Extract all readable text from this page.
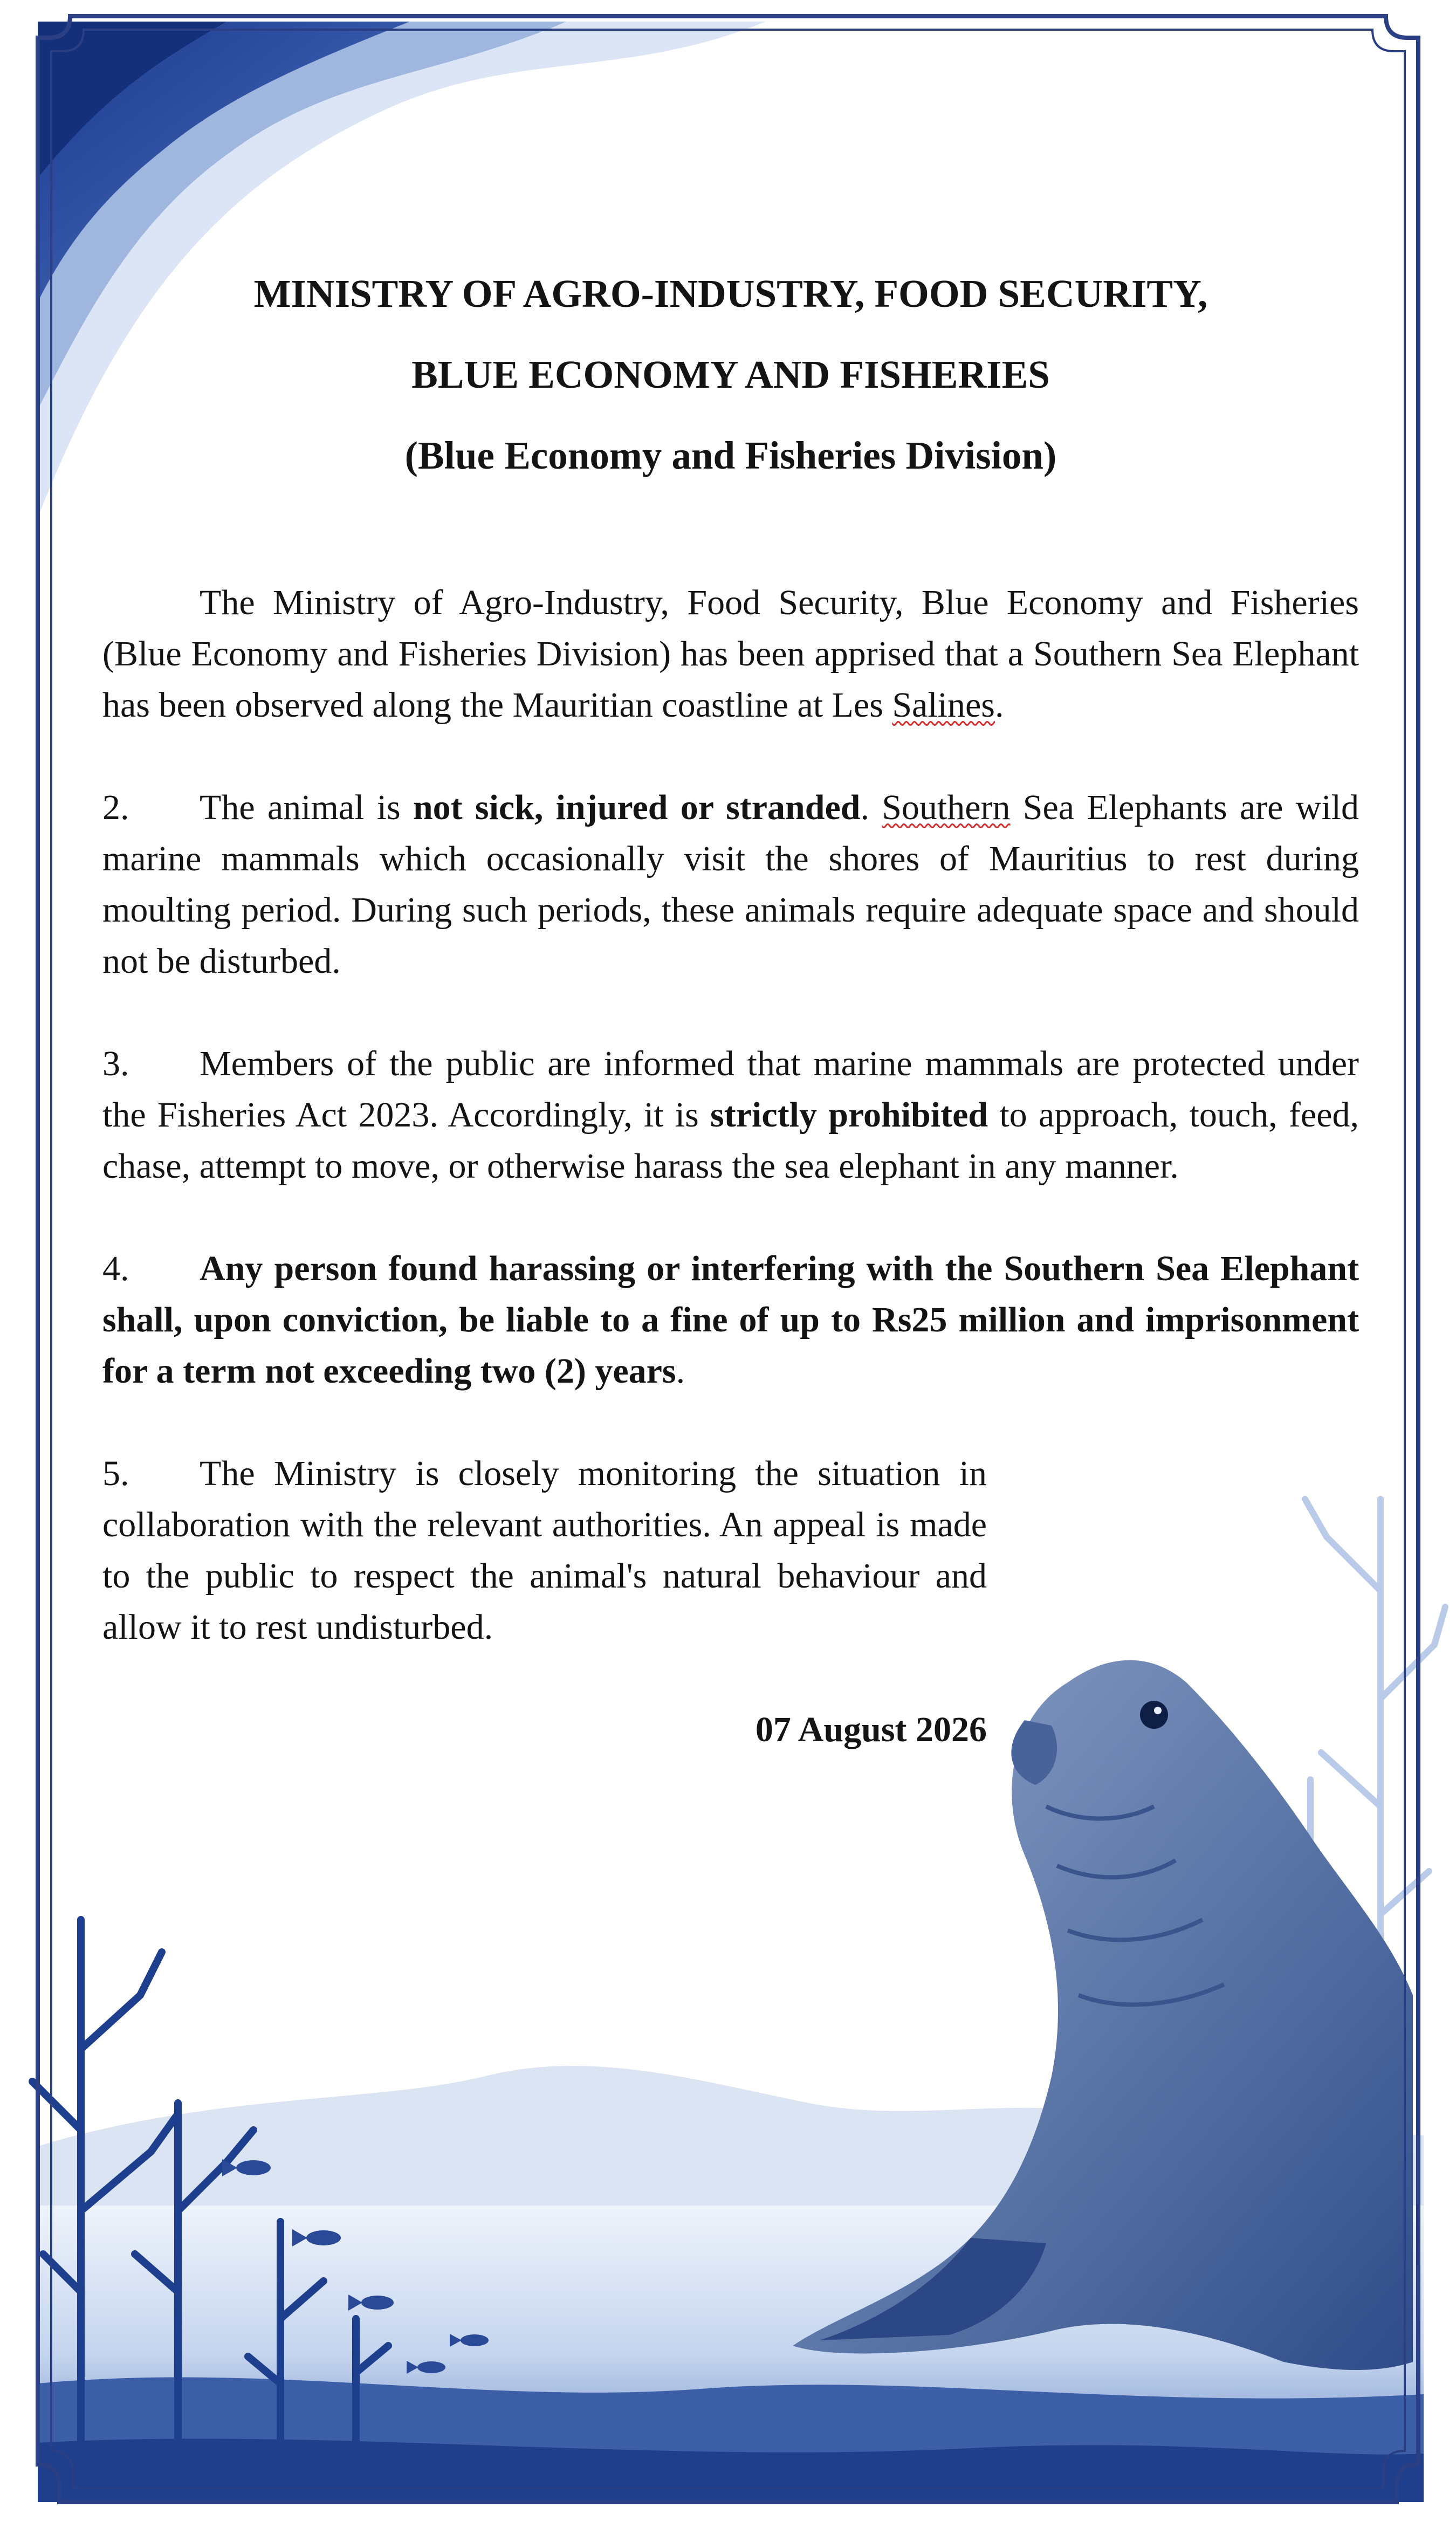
MINISTRY OF AGRO-INDUSTRY, FOOD SECURITY,

BLUE ECONOMY AND FISHERIES

(Blue Economy and Fisheries Division)

The Ministry of Agro-Industry, Food Security, Blue Economy and Fisheries (Blue Economy and Fisheries Division) has been apprised that a Southern Sea Elephant has been observed along the Mauritian coastline at Les Salines.

2. The animal is not sick, injured or stranded. Southern Sea Elephants are wild marine mammals which occasionally visit the shores of Mauritius to rest during moulting period. During such periods, these animals require adequate space and should not be disturbed.

3. Members of the public are informed that marine mammals are protected under the Fisheries Act 2023. Accordingly, it is strictly prohibited to approach, touch, feed, chase, attempt to move, or otherwise harass the sea elephant in any manner.

4. Any person found harassing or interfering with the Southern Sea Elephant shall, upon conviction, be liable to a fine of up to Rs25 million and imprisonment for a term not exceeding two (2) years.

5. The Ministry is closely monitoring the situation in collaboration with the relevant authorities. An appeal is made to the public to respect the animal's natural behaviour and allow it to rest undisturbed.

07 August 2026
